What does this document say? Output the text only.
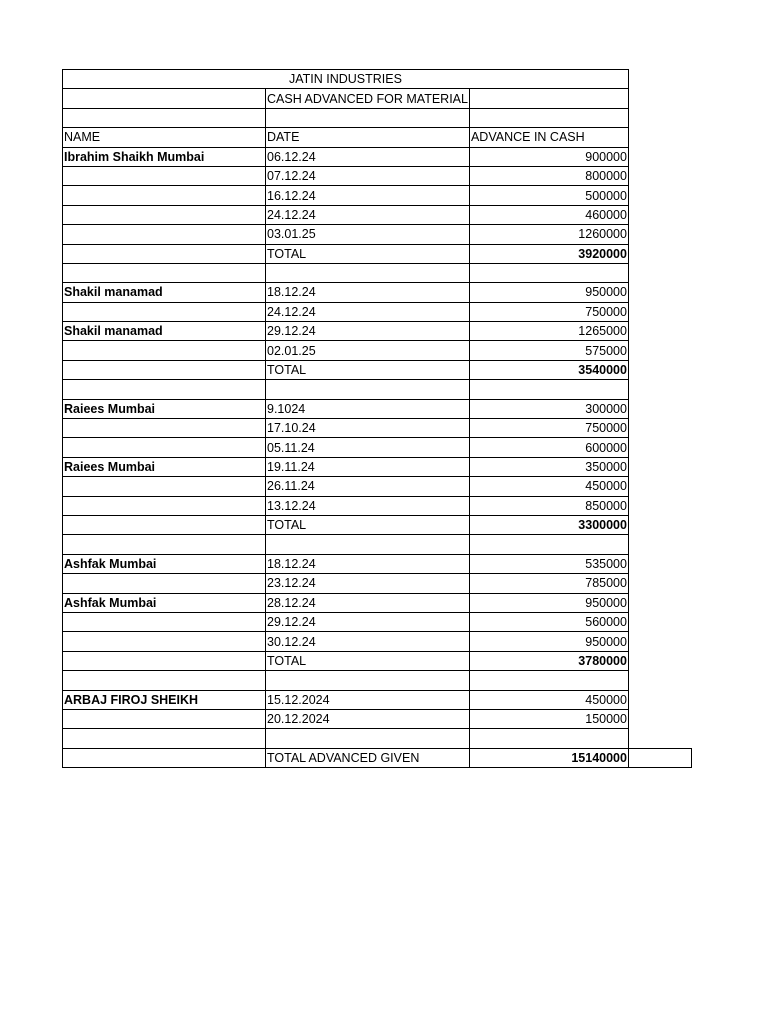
JATIN INDUSTRIES			
	CASH ADVANCED FOR MATERIAL		

NAME	DATE	ADVANCE IN CASH	
Ibrahim Shaikh Mumbai	06.12.24	900000	
	07.12.24	800000	
	16.12.24	500000	
	24.12.24	460000	
	03.01.25	1260000	
	TOTAL	3920000	

Shakil manamad	18.12.24	950000	
	24.12.24	750000	
Shakil manamad	29.12.24	1265000	
	02.01.25	575000	
	TOTAL	3540000	

Raiees Mumbai	9.1024	300000	
	17.10.24	750000	
	05.11.24	600000	
Raiees Mumbai	19.11.24	350000	
	26.11.24	450000	
	13.12.24	850000	
	TOTAL	3300000	

Ashfak Mumbai	18.12.24	535000	
	23.12.24	785000	
Ashfak Mumbai	28.12.24	950000	
	29.12.24	560000	
	30.12.24	950000	
	TOTAL	3780000	

ARBAJ FIROJ SHEIKH	15.12.2024	450000	
	20.12.2024	150000	

	TOTAL ADVANCED GIVEN	15140000	
